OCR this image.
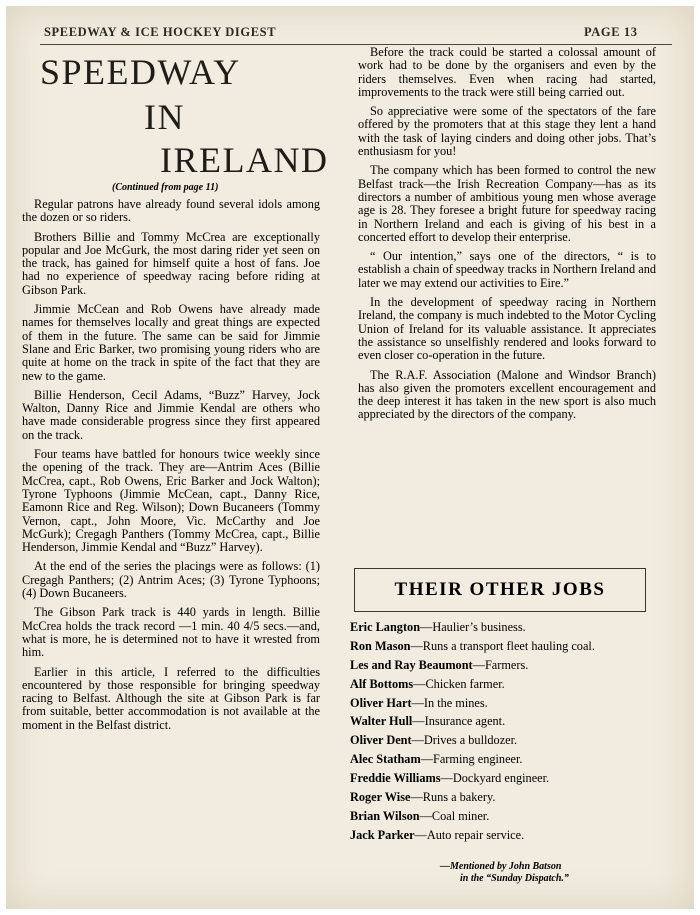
SPEEDWAY & ICE HOCKEY DIGEST	PAGE 13
SPEEDWAY
IN
IRELAND
(Continued from page 11)

Regular patrons have already found several idols among the dozen or so riders.

Brothers Billie and Tommy McCrea are exceptionally popular and Joe McGurk, the most daring rider yet seen on the track, has gained for himself quite a host of fans. Joe had no experience of speedway racing before riding at Gibson Park.

Jimmie McCean and Rob Owens have already made names for themselves locally and great things are expected of them in the future. The same can be said for Jimmie Slane and Eric Barker, two promising young riders who are quite at home on the track in spite of the fact that they are new to the game.

Billie Henderson, Cecil Adams, “Buzz” Harvey, Jock Walton, Danny Rice and Jimmie Kendal are others who have made considerable progress since they first appeared on the track.

Four teams have battled for honours twice weekly since the opening of the track. They are—Antrim Aces (Billie McCrea, capt., Rob Owens, Eric Barker and Jock Walton); Tyrone Typhoons (Jimmie McCean, capt., Danny Rice, Eamonn Rice and Reg. Wilson); Down Bucaneers (Tommy Vernon, capt., John Moore, Vic. McCarthy and Joe McGurk); Cregagh Panthers (Tommy McCrea, capt., Billie Henderson, Jimmie Kendal and “Buzz” Harvey).

At the end of the series the placings were as follows: (1) Cregagh Panthers; (2) Antrim Aces; (3) Tyrone Typhoons; (4) Down Bucaneers.

The Gibson Park track is 440 yards in length. Billie McCrea holds the track record —1 min. 40 4/5 secs.—and, what is more, he is determined not to have it wrested from him.

Earlier in this article, I referred to the difficulties encountered by those responsible for bringing speedway racing to Belfast. Although the site at Gibson Park is far from suitable, better accommodation is not available at the moment in the Belfast district.

Before the track could be started a colossal amount of work had to be done by the organisers and even by the riders themselves. Even when racing had started, improvements to the track were still being carried out.

So appreciative were some of the spectators of the fare offered by the promoters that at this stage they lent a hand with the task of laying cinders and doing other jobs. That’s enthusiasm for you!

The company which has been formed to control the new Belfast track—the Irish Recreation Company—has as its directors a number of ambitious young men whose average age is 28. They foresee a bright future for speedway racing in Northern Ireland and each is giving of his best in a concerted effort to develop their enterprise.

“ Our intention,” says one of the directors, “ is to establish a chain of speedway tracks in Northern Ireland and later we may extend our activities to Eire.”

In the development of speedway racing in Northern Ireland, the company is much indebted to the Motor Cycling Union of Ireland for its valuable assistance. It appreciates the assistance so unselfishly rendered and looks forward to even closer co-operation in the future.

The R.A.F. Association (Malone and Windsor Branch) has also given the promoters excellent encouragement and the deep interest it has taken in the new sport is also much appreciated by the directors of the company.

THEIR OTHER JOBS
Eric Langton—Haulier’s business.
Ron Mason—Runs a transport fleet hauling coal.
Les and Ray Beaumont—Farmers.
Alf Bottoms—Chicken farmer.
Oliver Hart—In the mines.
Walter Hull—Insurance agent.
Oliver Dent—Drives a bulldozer.
Alec Statham—Farming engineer.
Freddie Williams—Dockyard engineer.
Roger Wise—Runs a bakery.
Brian Wilson—Coal miner.
Jack Parker—Auto repair service.
—Mentioned by John Batson
in the “Sunday Dispatch.”
